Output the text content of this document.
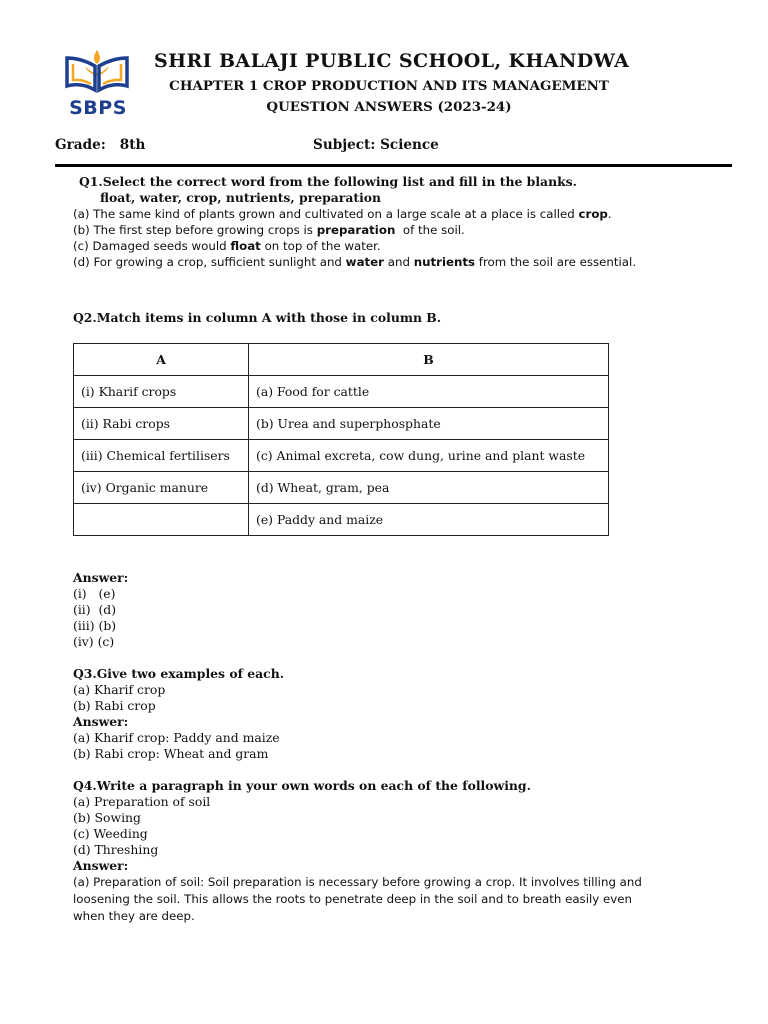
SBPS
SHRI BALAJI PUBLIC SCHOOL, KHANDWA
CHAPTER 1 CROP PRODUCTION AND ITS MANAGEMENT
QUESTION ANSWERS (2023-24)
Grade: 8th	Subject: Science
Q1.Select the correct word from the following list and fill in the blanks.
float, water, crop, nutrients, preparation
(a) The same kind of plants grown and cultivated on a large scale at a place is called crop.
(b) The first step before growing crops is preparation  of the soil.
(c) Damaged seeds would float on top of the water.
(d) For growing a crop, sufficient sunlight and water and nutrients from the soil are essential.
Q2.Match items in column A with those in column B.
A	B
(i) Kharif crops	(a) Food for cattle
(ii) Rabi crops	(b) Urea and superphosphate
(iii) Chemical fertilisers	(c) Animal excreta, cow dung, urine and plant waste
(iv) Organic manure	(d) Wheat, gram, pea
	(e) Paddy and maize
Answer:
(i)   (e)
(ii)  (d)
(iii) (b)
(iv) (c)
Q3.Give two examples of each.
(a) Kharif crop
(b) Rabi crop
Answer:
(a) Kharif crop: Paddy and maize
(b) Rabi crop: Wheat and gram
Q4.Write a paragraph in your own words on each of the following.
(a) Preparation of soil
(b) Sowing
(c) Weeding
(d) Threshing
Answer:
(a) Preparation of soil: Soil preparation is necessary before growing a crop. It involves tilling and
loosening the soil. This allows the roots to penetrate deep in the soil and to breath easily even
when they are deep.
